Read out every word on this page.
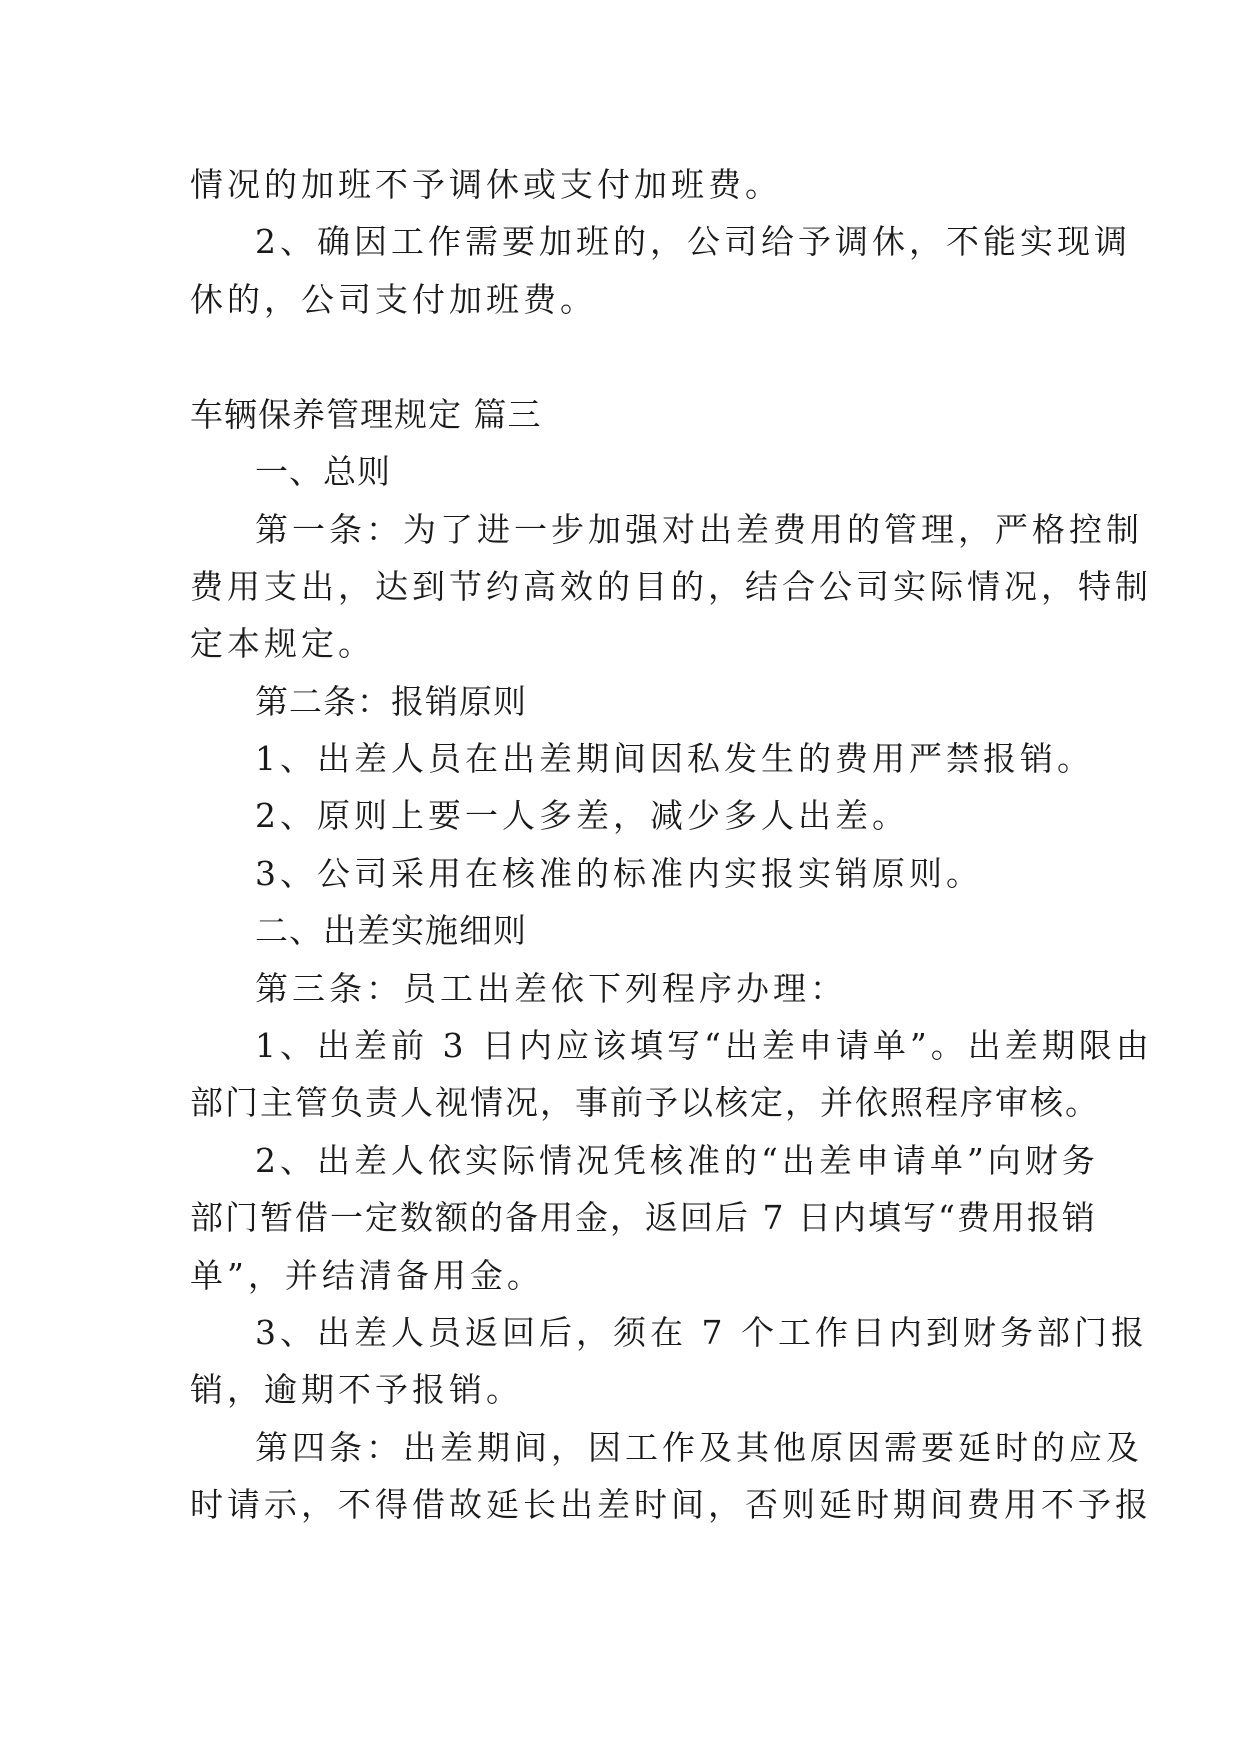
情况的加班不予调休或支付加班费。
2、确因工作需要加班的，公司给予调休，不能实现调
休的，公司支付加班费。
车辆保养管理规定 篇三
一、总则
第一条：为了进一步加强对出差费用的管理，严格控制
费用支出，达到节约高效的目的，结合公司实际情况，特制
定本规定。
第二条：报销原则
1、出差人员在出差期间因私发生的费用严禁报销。
2、原则上要一人多差，减少多人出差。
3、公司采用在核准的标准内实报实销原则。
二、出差实施细则
第三条：员工出差依下列程序办理：
1、出差前 3 日内应该填写“出差申请单”。出差期限由
部门主管负责人视情况，事前予以核定，并依照程序审核。
2、出差人依实际情况凭核准的“出差申请单”向财务
部门暂借一定数额的备用金，返回后 7 日内填写“费用报销
单”，并结清备用金。
3、出差人员返回后，须在 7 个工作日内到财务部门报
销，逾期不予报销。
第四条：出差期间，因工作及其他原因需要延时的应及
时请示，不得借故延长出差时间，否则延时期间费用不予报
